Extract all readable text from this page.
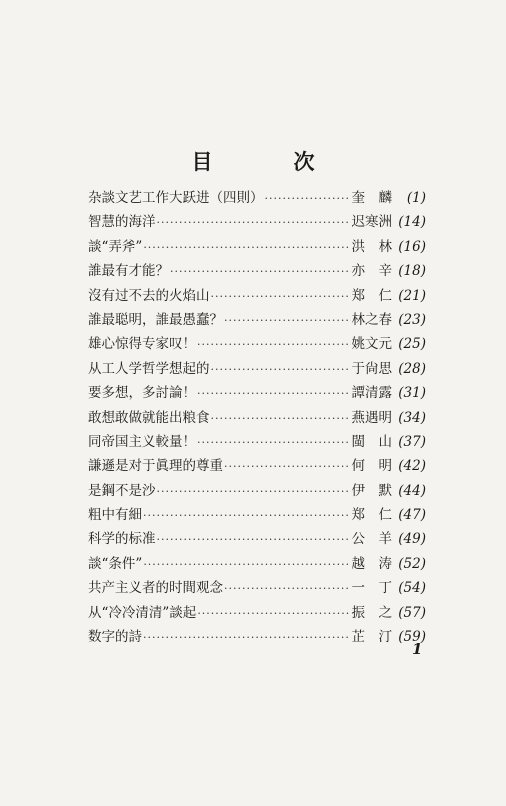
目　次
杂談文艺工作大跃进（四則） ·····	奎　麟	(1)
智慧的海洋 ·····	迟寒洲 (14)
談“弄斧” ·····	洪　林 (16)
誰最有才能？ ·····	亦　辛 (18)
沒有过不去的火焰山 ·····	郑　仁 (21)
誰最聪明，誰最愚蠢？ ·····	林之春 (23)
雄心惊得专家叹！ ·····	姚文元 (25)
从工人学哲学想起的 ·····	于尙思 (28)
要多想，多討論！ ·····	譚清露 (31)
敢想敢做就能出粮食 ·····	燕遇明 (34)
同帝国主义較量！ ·····	閩　山 (37)
謙遜是对于眞理的尊重 ·····	何　明 (42)
是鋼不是沙 ·····	伊　默 (44)
粗中有細 ·····	郑　仁 (47)
科学的标准 ·····	公　羊 (49)
談“条件” ·····	越　涛 (52)
共产主义者的时間观念 ·····	一　丁 (54)
从“冷冷清清”談起 ·····	振　之 (57)
数字的詩 ·····	芷　汀 (59)
1
